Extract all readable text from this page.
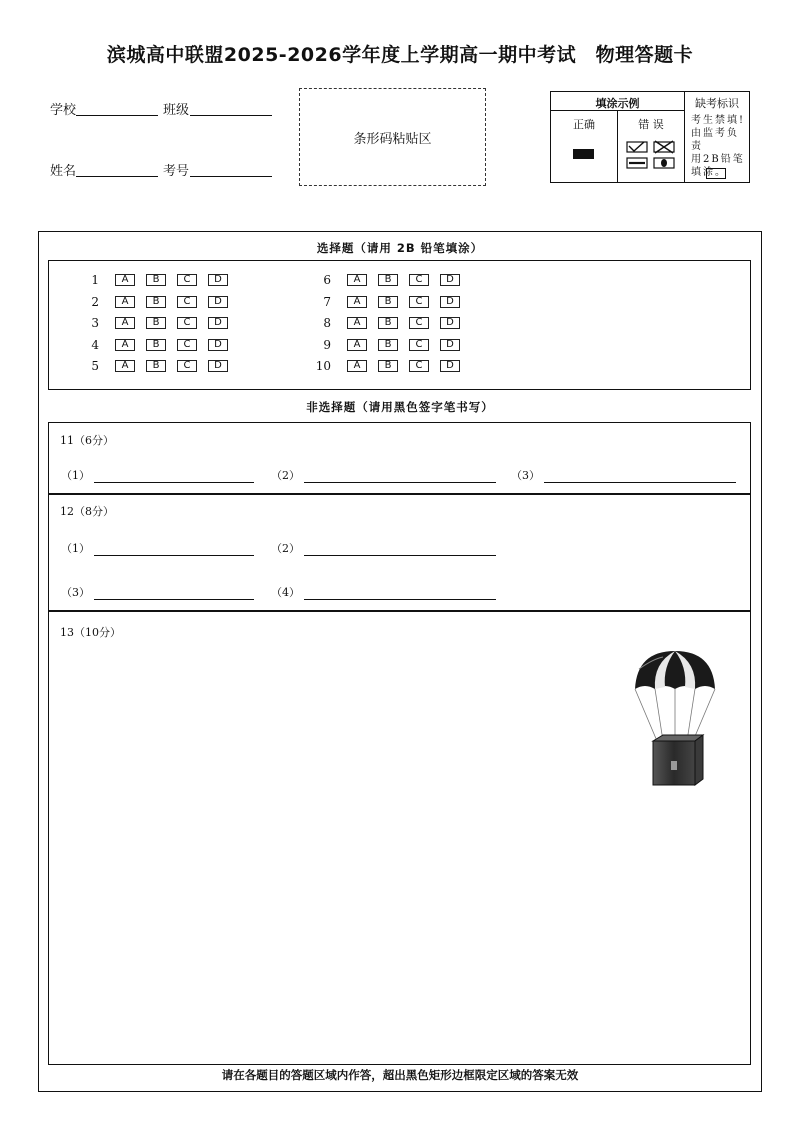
滨城高中联盟2025-2026学年度上学期高一期中考试　物理答题卡
学校	班级
姓名	考号
条形码粘贴区
填涂示例
正确	错 误
缺考标识
考生禁填!
由监考负责
用2B铅笔
填涂。
选择题（请用 2B 铅笔填涂）
1	A	B	C	D
2	A	B	C	D
3	A	B	C	D
4	A	B	C	D
5	A	B	C	D
6	A	B	C	D
7	A	B	C	D
8	A	B	C	D
9	A	B	C	D
10	A	B	C	D
非选择题（请用黑色签字笔书写）
11（6分）
（1）	（2）	（3）
12（8分）
（1）	（2）
（3）	（4）
13（10分）
请在各题目的答题区域内作答，超出黑色矩形边框限定区域的答案无效
